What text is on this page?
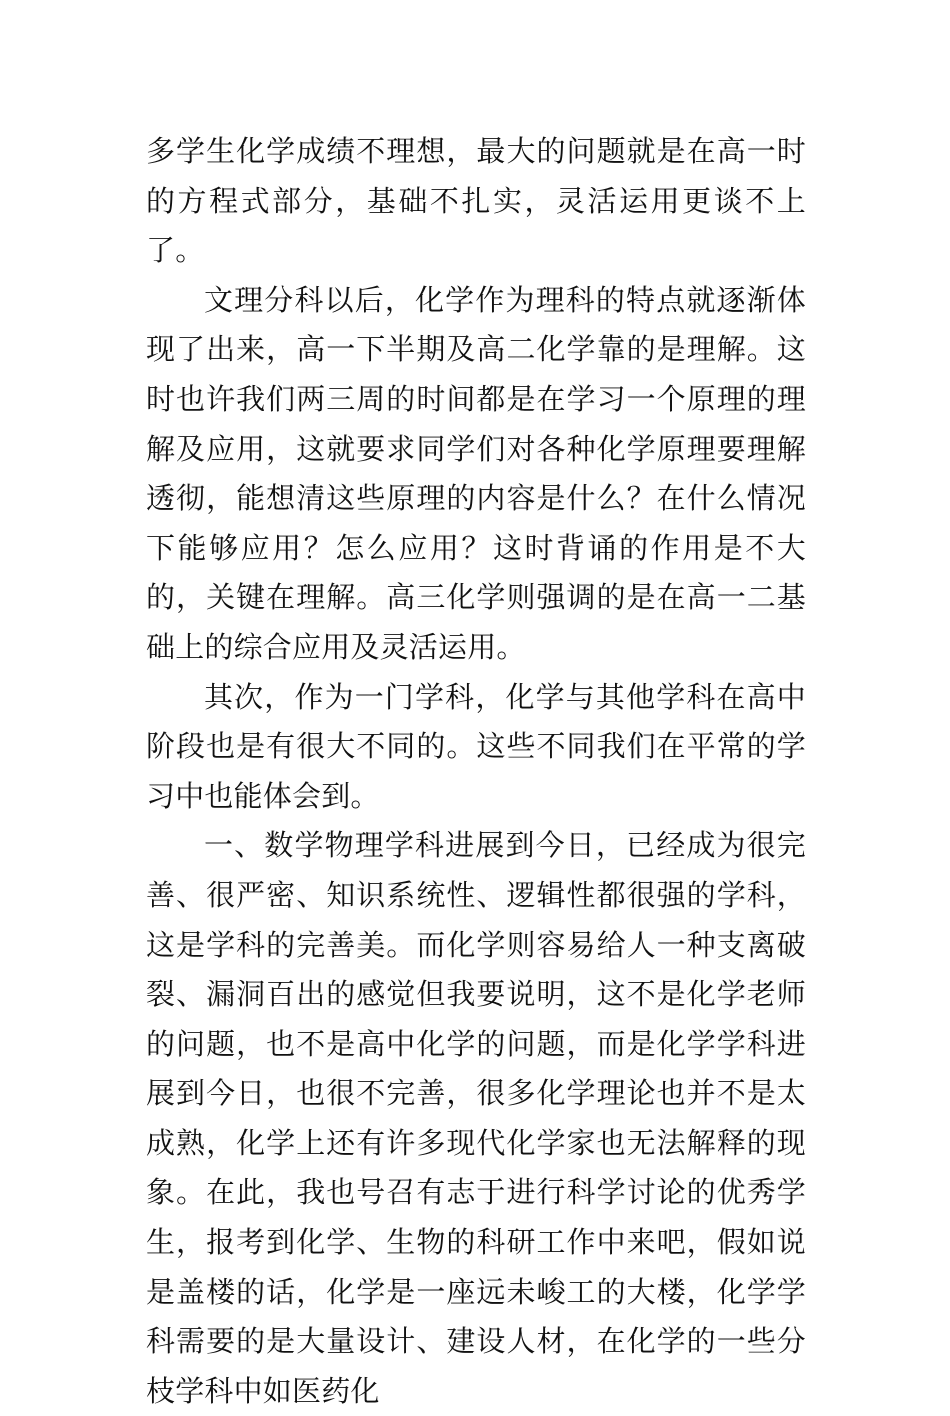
多学生化学成绩不理想，最大的问题就是在高一时的方程式部分，基础不扎实，灵活运用更谈不上了。

文理分科以后，化学作为理科的特点就逐渐体现了出来，高一下半期及高二化学靠的是理解。这时也许我们两三周的时间都是在学习一个原理的理解及应用，这就要求同学们对各种化学原理要理解透彻，能想清这些原理的内容是什么？在什么情况下能够应用？怎么应用？这时背诵的作用是不大的，关键在理解。高三化学则强调的是在高一二基础上的综合应用及灵活运用。

其次，作为一门学科，化学与其他学科在高中阶段也是有很大不同的。这些不同我们在平常的学习中也能体会到。

一、数学物理学科进展到今日，已经成为很完善、很严密、知识系统性、逻辑性都很强的学科，这是学科的完善美。而化学则容易给人一种支离破裂、漏洞百出的感觉但我要说明，这不是化学老师的问题，也不是高中化学的问题，而是化学学科进展到今日，也很不完善，很多化学理论也并不是太成熟，化学上还有许多现代化学家也无法解释的现象。在此，我也号召有志于进行科学讨论的优秀学生，报考到化学、生物的科研工作中来吧，假如说是盖楼的话，化学是一座远未峻工的大楼，化学学科需要的是大量设计、建设人材，在化学的一些分枝学科中如医药化
